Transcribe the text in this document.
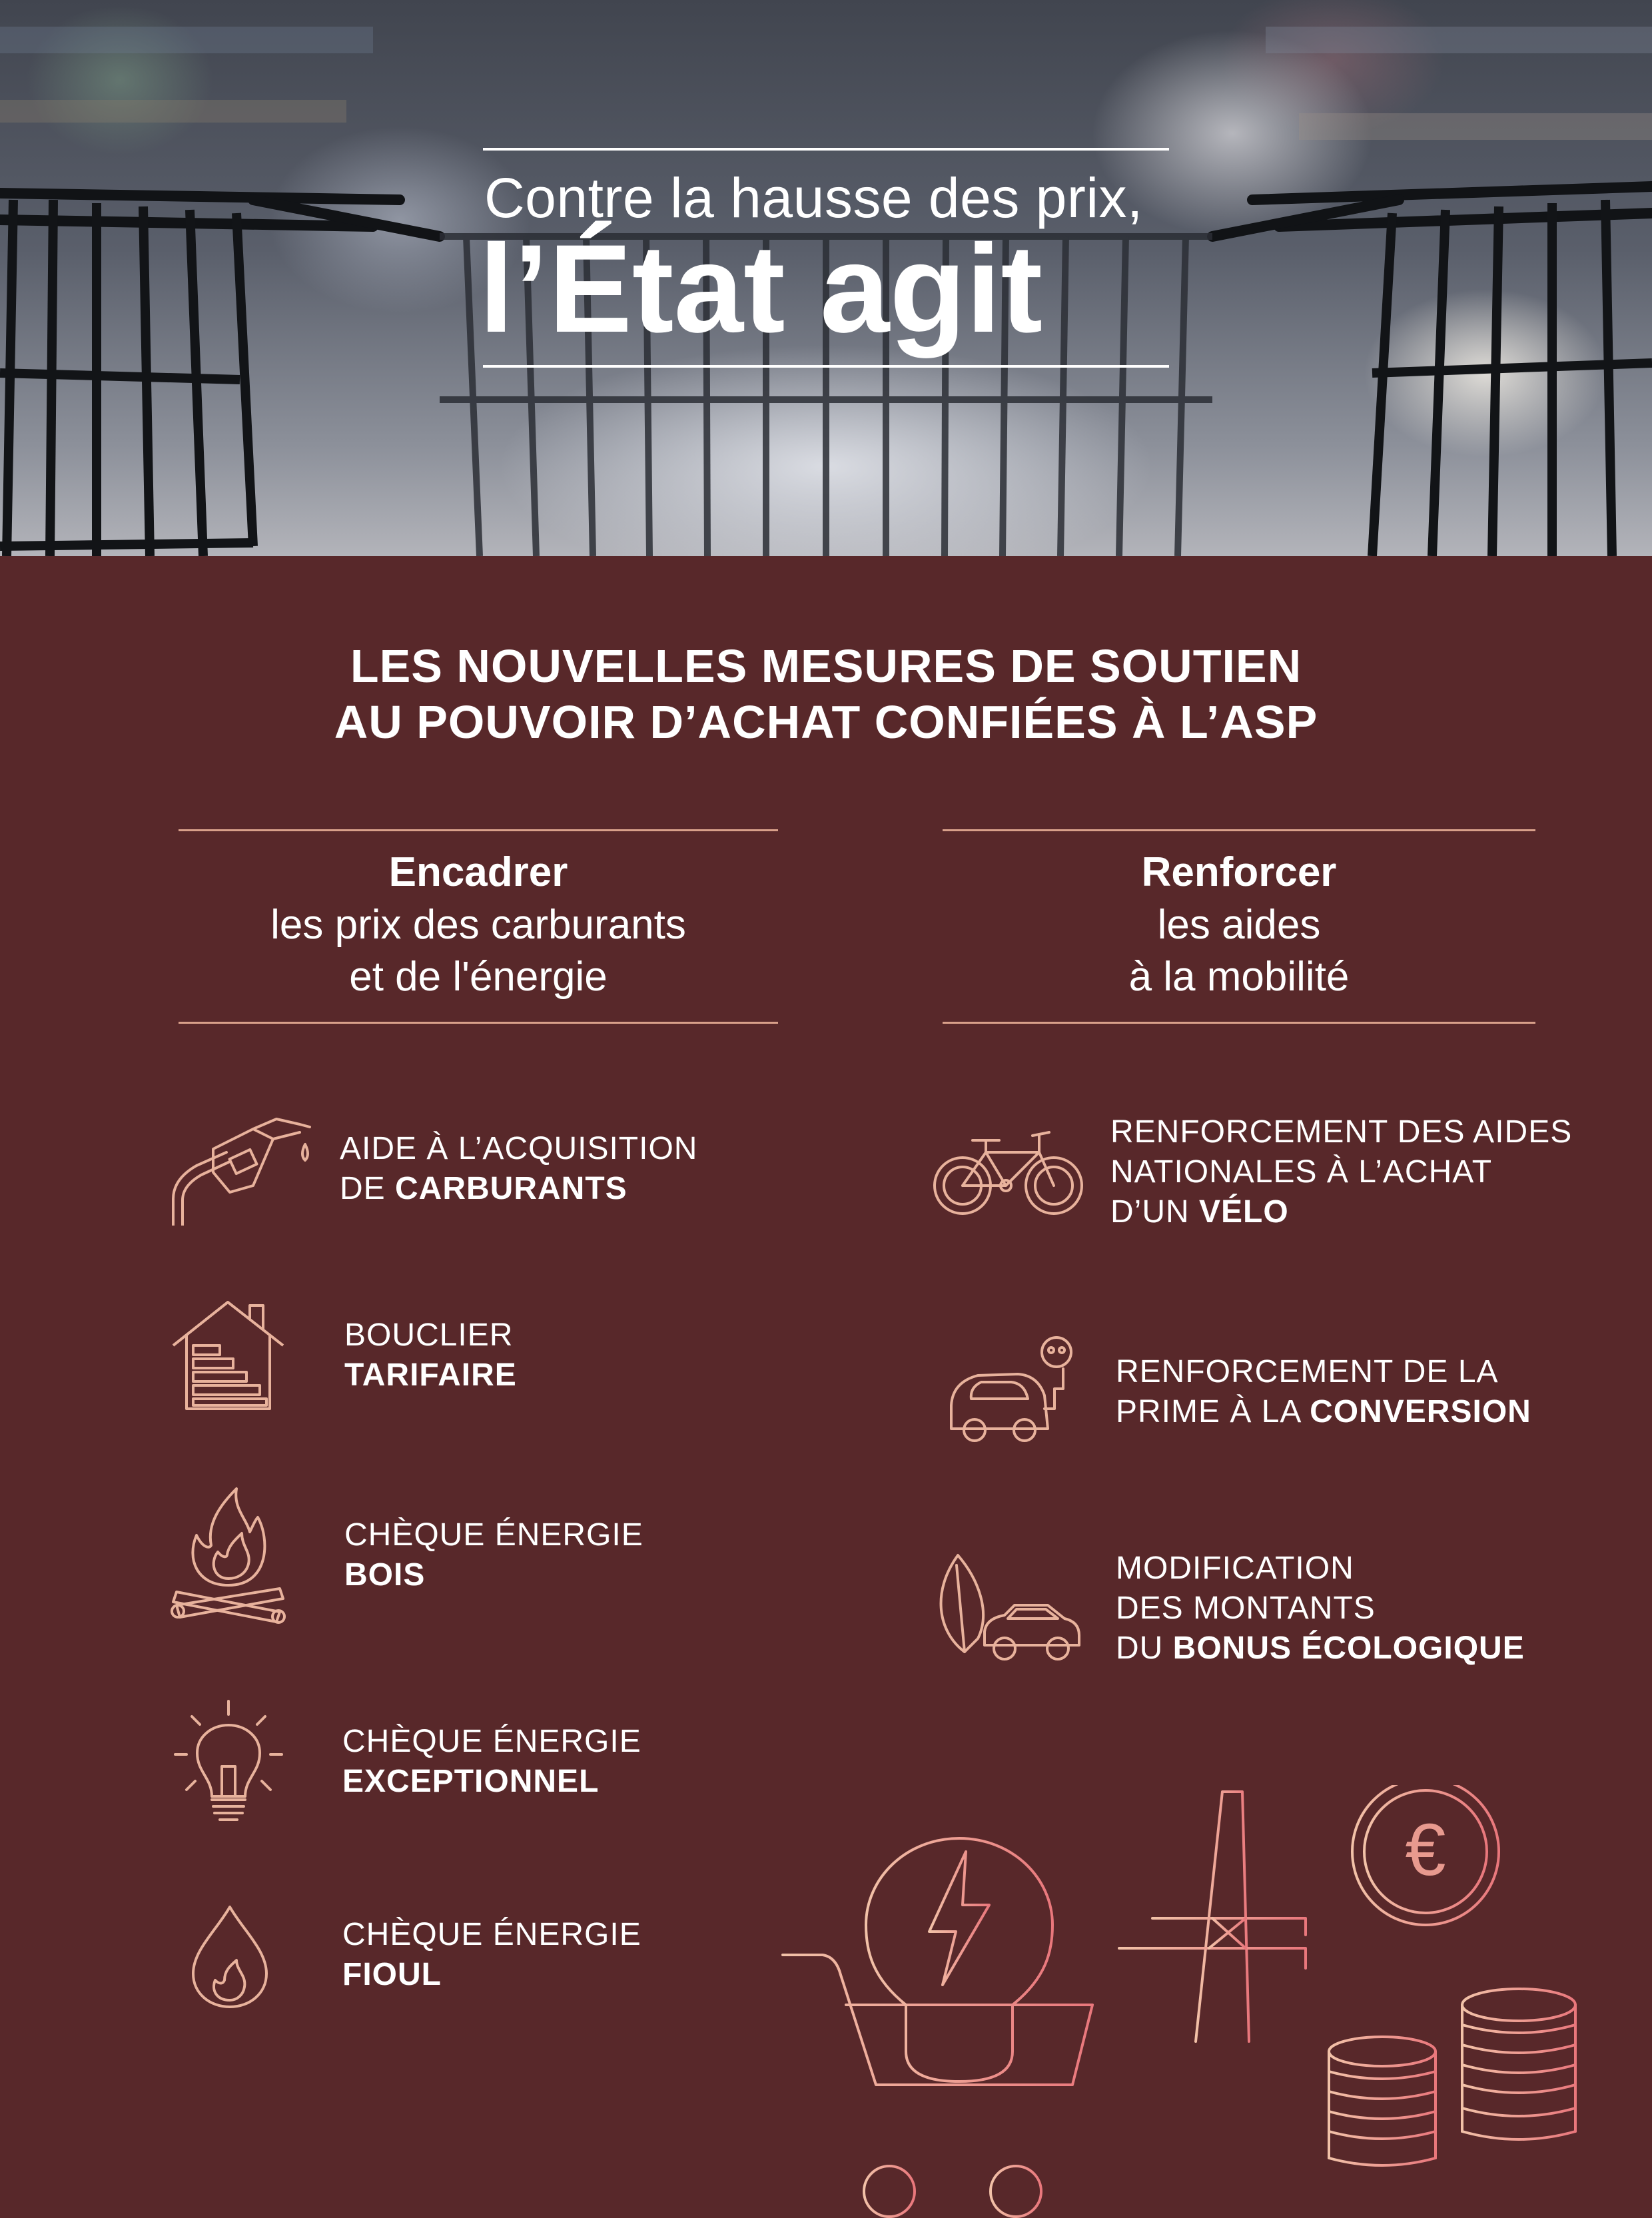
Contre la hausse des prix,
l’État agit
LES NOUVELLES MESURES DE SOUTIEN
AU POUVOIR D’ACHAT CONFIÉES À L’ASP
Encadrer
les prix des carburants
et de l'énergie
Renforcer
les aides
à la mobilité
AIDE À L’ACQUISITION
DE CARBURANTS
BOUCLIER
TARIFAIRE
CHÈQUE ÉNERGIE
BOIS
CHÈQUE ÉNERGIE
EXCEPTIONNEL
CHÈQUE ÉNERGIE
FIOUL
RENFORCEMENT DES AIDES
NATIONALES À L’ACHAT
D’UN VÉLO
RENFORCEMENT DE LA
PRIME À LA CONVERSION
MODIFICATION
DES MONTANTS
DU BONUS ÉCOLOGIQUE
€
